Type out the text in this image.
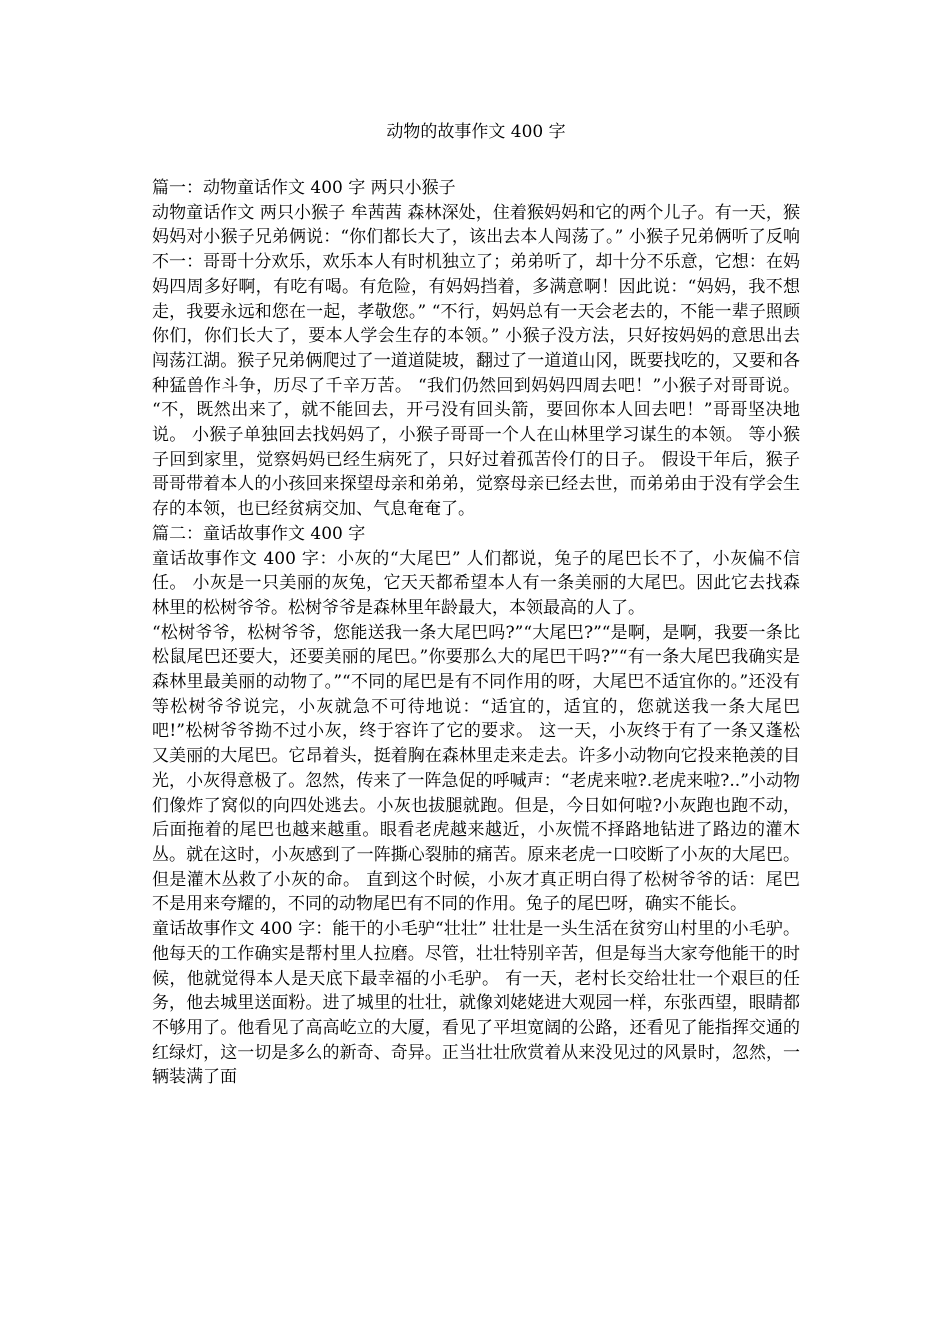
动物的故事作文 400 字
篇一：动物童话作文 400 字 两只小猴子

动物童话作文 两只小猴子 牟茜茜 森林深处，住着猴妈妈和它的两个儿子。有一天，猴妈妈对小猴子兄弟俩说：“你们都长大了，该出去本人闯荡了。” 小猴子兄弟俩听了反响不一：哥哥十分欢乐，欢乐本人有时机独立了；弟弟听了，却十分不乐意，它想：在妈妈四周多好啊，有吃有喝。有危险，有妈妈挡着，多满意啊！因此说：“妈妈，我不想走，我要永远和您在一起，孝敬您。” “不行，妈妈总有一天会老去的，不能一辈子照顾你们，你们长大了，要本人学会生存的本领。” 小猴子没方法，只好按妈妈的意思出去闯荡江湖。猴子兄弟俩爬过了一道道陡坡，翻过了一道道山冈，既要找吃的，又要和各种猛兽作斗争，历尽了千辛万苦。 “我们仍然回到妈妈四周去吧！”小猴子对哥哥说。 “不，既然出来了，就不能回去，开弓没有回头箭，要回你本人回去吧！”哥哥坚决地说。 小猴子单独回去找妈妈了，小猴子哥哥一个人在山林里学习谋生的本领。 等小猴子回到家里，觉察妈妈已经生病死了，只好过着孤苦伶仃的日子。 假设干年后，猴子哥哥带着本人的小孩回来探望母亲和弟弟，觉察母亲已经去世，而弟弟由于没有学会生存的本领，也已经贫病交加、气息奄奄了。

篇二：童话故事作文 400 字

童话故事作文 400 字：小灰的“大尾巴” 人们都说，兔子的尾巴长不了，小灰偏不信任。 小灰是一只美丽的灰兔，它天天都希望本人有一条美丽的大尾巴。因此它去找森林里的松树爷爷。松树爷爷是森林里年龄最大，本领最高的人了。

“松树爷爷，松树爷爷，您能送我一条大尾巴吗?”“大尾巴?”“是啊，是啊，我要一条比松鼠尾巴还要大，还要美丽的尾巴。”你要那么大的尾巴干吗?”“有一条大尾巴我确实是森林里最美丽的动物了。”“不同的尾巴是有不同作用的呀，大尾巴不适宜你的。”还没有等松树爷爷说完，小灰就急不可待地说：“适宜的，适宜的，您就送我一条大尾巴吧!”松树爷爷拗不过小灰，终于容许了它的要求。 这一天，小灰终于有了一条又蓬松又美丽的大尾巴。它昂着头，挺着胸在森林里走来走去。许多小动物向它投来艳羡的目光，小灰得意极了。忽然，传来了一阵急促的呼喊声：“老虎来啦?.老虎来啦?..”小动物们像炸了窝似的向四处逃去。小灰也拔腿就跑。但是，今日如何啦?小灰跑也跑不动，后面拖着的尾巴也越来越重。眼看老虎越来越近，小灰慌不择路地钻进了路边的灌木丛。就在这时，小灰感到了一阵撕心裂肺的痛苦。原来老虎一口咬断了小灰的大尾巴。但是灌木丛救了小灰的命。 直到这个时候，小灰才真正明白得了松树爷爷的话：尾巴不是用来夸耀的，不同的动物尾巴有不同的作用。兔子的尾巴呀，确实不能长。

童话故事作文 400 字：能干的小毛驴“壮壮” 壮壮是一头生活在贫穷山村里的小毛驴。他每天的工作确实是帮村里人拉磨。尽管，壮壮特别辛苦，但是每当大家夸他能干的时候，他就觉得本人是天底下最幸福的小毛驴。 有一天，老村长交给壮壮一个艰巨的任务，他去城里送面粉。进了城里的壮壮，就像刘姥姥进大观园一样，东张西望，眼睛都不够用了。他看见了高高屹立的大厦，看见了平坦宽阔的公路，还看见了能指挥交通的红绿灯，这一切是多么的新奇、奇异。正当壮壮欣赏着从来没见过的风景时，忽然，一辆装满了面
